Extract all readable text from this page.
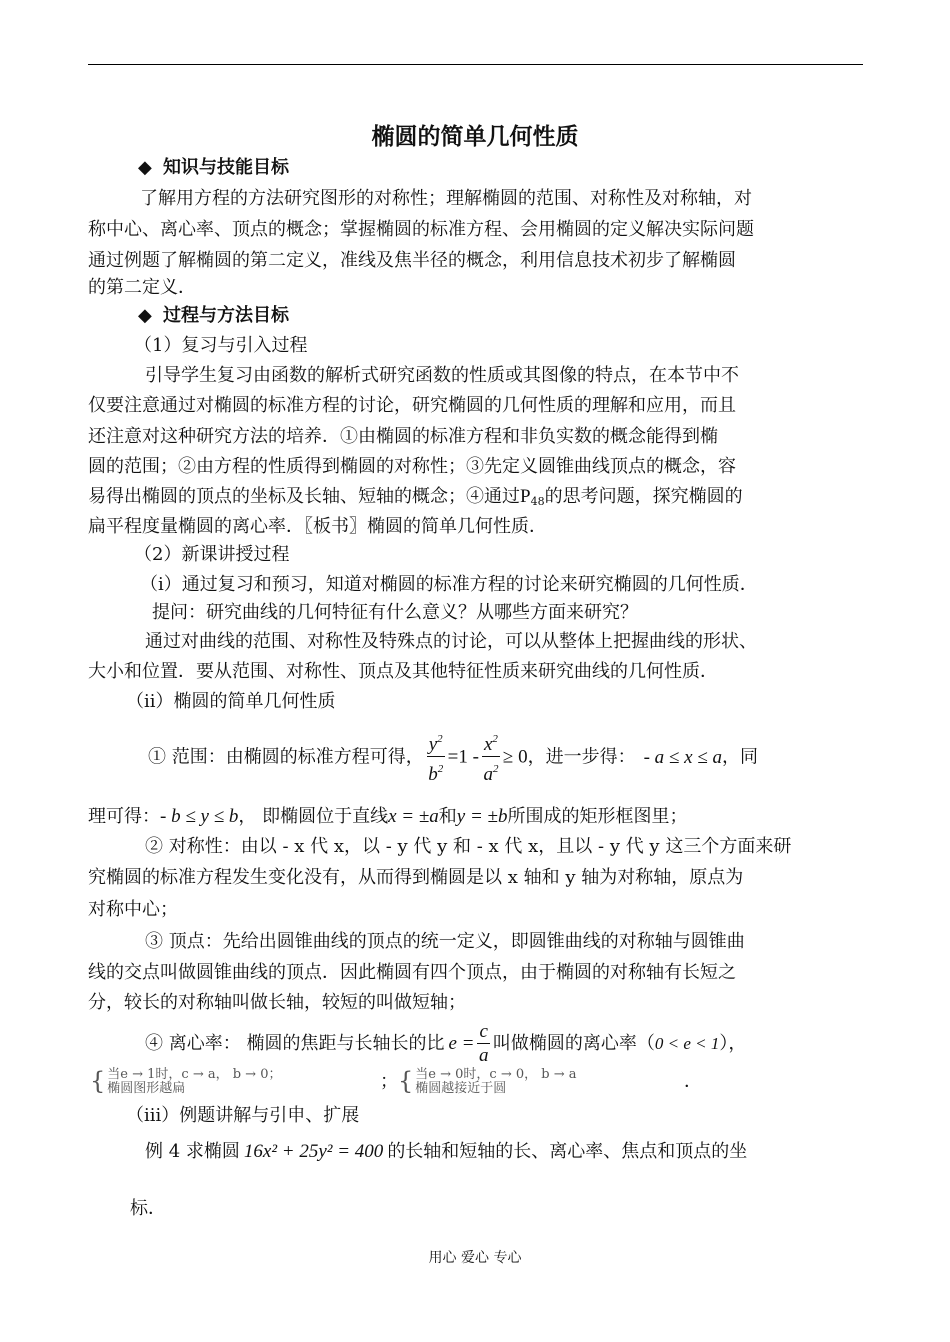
椭圆的简单几何性质
◆ 知识与技能目标
了解用方程的方法研究图形的对称性；理解椭圆的范围、对称性及对称轴，对
称中心、离心率、顶点的概念；掌握椭圆的标准方程、会用椭圆的定义解决实际问题
通过例题了解椭圆的第二定义，准线及焦半径的概念，利用信息技术初步了解椭圆
的第二定义．
◆ 过程与方法目标
（1）复习与引入过程
引导学生复习由函数的解析式研究函数的性质或其图像的特点，在本节中不
仅要注意通过对椭圆的标准方程的讨论，研究椭圆的几何性质的理解和应用，而且
还注意对这种研究方法的培养．①由椭圆的标准方程和非负实数的概念能得到椭
圆的范围；②由方程的性质得到椭圆的对称性；③先定义圆锥曲线顶点的概念，容
易得出椭圆的顶点的坐标及长轴、短轴的概念；④通过$P_{48}$的思考问题，探究椭圆的
扁平程度量椭圆的离心率．〖板书〗椭圆的简单几何性质．
（2）新课讲授过程
（i）通过复习和预习，知道对椭圆的标准方程的讨论来研究椭圆的几何性质．
提问：研究曲线的几何特征有什么意义？从哪些方面来研究？
通过对曲线的范围、对称性及特殊点的讨论，可以从整体上把握曲线的形状、
大小和位置．要从范围、对称性、顶点及其他特征性质来研究曲线的几何性质．
（ii）椭圆的简单几何性质
① 范围：由椭圆的标准方程可得， $\frac{y^2}{b^2} =1 - \frac{x^2}{a^2} \ge 0$，进一步得： - a ≤ x ≤ a，同
理可得：- b ≤ y ≤ b， 即椭圆位于直线x = ±a和y = ±b所围成的矩形框图里；
② 对称性：由以 - x 代 x，以 - y 代 y 和 - x 代 x，且以 - y 代 y 这三个方面来研
究椭圆的标准方程发生变化没有，从而得到椭圆是以 x 轴和 y 轴为对称轴，原点为
对称中心；
③ 顶点：先给出圆锥曲线的顶点的统一定义，即圆锥曲线的对称轴与圆锥曲
线的交点叫做圆锥曲线的顶点．因此椭圆有四个顶点，由于椭圆的对称轴有长短之
分，较长的对称轴叫做长轴，较短的叫做短轴；
④ 离心率： 椭圆的焦距与长轴长的比 $e = \frac{c}{a}$ 叫做椭圆的离心率（0 < e < 1），
{ 当e → 1时，c → a， b → 0；
椭圆图形越扁	{ 当e → 0时，c → 0， b → a
椭圆越接近于圆
；	．
（iii）例题讲解与引申、扩展
例 4 求椭圆 16x² + 25y² = 400 的长轴和短轴的长、离心率、焦点和顶点的坐
标．
用心 爱心 专心
